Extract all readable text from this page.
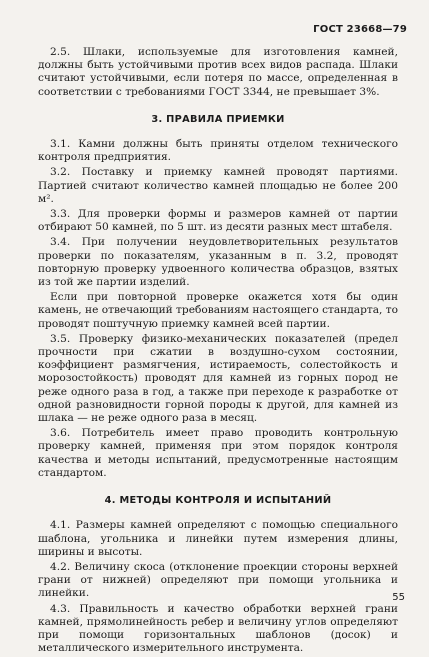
ГОСТ 23668—79

2.5. Шлаки, используемые для изготовления камней, должны быть устойчивыми против всех видов распада. Шлаки считают устойчивыми, если потеря по массе, определенная в соответствии с требованиями ГОСТ 3344, не превышает 3%.

3. ПРАВИЛА ПРИЕМКИ

3.1. Камни должны быть приняты отделом технического контроля предприятия.

3.2. Поставку и приемку камней проводят партиями. Партией считают количество камней площадью не более 200 м².

3.3. Для проверки формы и размеров камней от партии отбирают 50 камней, по 5 шт. из десяти разных мест штабеля.

3.4. При получении неудовлетворительных результатов проверки по показателям, указанным в п. 3.2, проводят повторную проверку удвоенного количества образцов, взятых из той же партии изделий.

Если при повторной проверке окажется хотя бы один камень, не отвечающий требованиям настоящего стандарта, то проводят поштучную приемку камней всей партии.

3.5. Проверку физико-механических показателей (предел прочности при сжатии в воздушно-сухом состоянии, коэффициент размягчения, истираемость, солестойкость и морозостойкость) проводят для камней из горных пород не реже одного раза в год, а также при переходе к разработке от одной разновидности горной породы к другой, для камней из шлака — не реже одного раза в месяц.

3.6. Потребитель имеет право проводить контрольную проверку камней, применяя при этом порядок контроля качества и методы испытаний, предусмотренные настоящим стандартом.

4. МЕТОДЫ КОНТРОЛЯ И ИСПЫТАНИЙ

4.1. Размеры камней определяют с помощью специального шаблона, угольника и линейки путем измерения длины, ширины и высоты.

4.2. Величину скоса (отклонение проекции стороны верхней грани от нижней) определяют при помощи угольника и линейки.

4.3. Правильность и качество обработки верхней грани камней, прямолинейность ребер и величину углов определяют при помощи горизонтальных шаблонов (досок) и металлического измерительного инструмента.

55
